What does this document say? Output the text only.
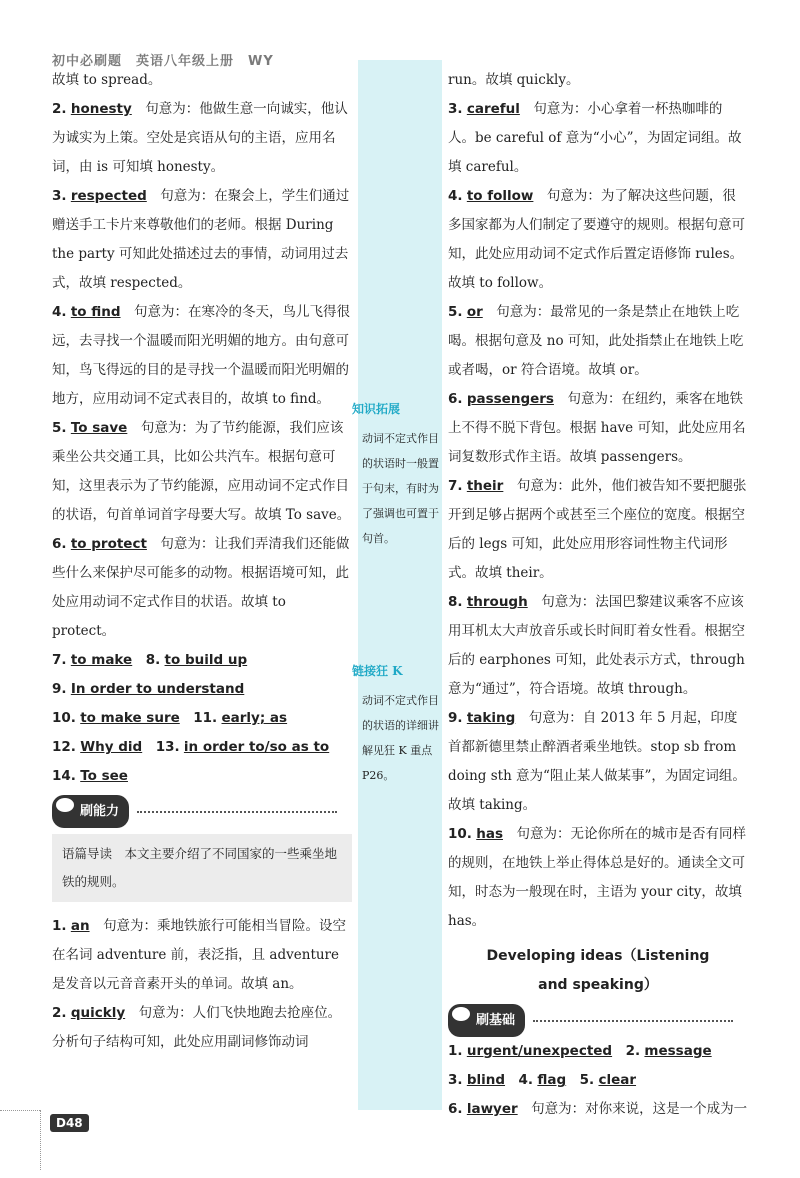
初中必刷题　英语八年级上册　WY

故填 to spread。

2. honesty　 句意为：他做生意一向诚实，他认为诚实为上策。空处是宾语从句的主语，应用名词，由 is 可知填 honesty。

3. respected　 句意为：在聚会上，学生们通过赠送手工卡片来尊敬他们的老师。根据 During the party 可知此处描述过去的事情，动词用过去式，故填 respected。

4. to find　 句意为：在寒冷的冬天，鸟儿飞得很远，去寻找一个温暖而阳光明媚的地方。由句意可知，鸟飞得远的目的是寻找一个温暖而阳光明媚的地方，应用动词不定式表目的，故填 to find。

5. To save　 句意为：为了节约能源，我们应该乘坐公共交通工具，比如公共汽车。根据句意可知，这里表示为了节约能源，应用动词不定式作目的状语，句首单词首字母要大写。故填 To save。

6. to protect　 句意为：让我们弄清我们还能做些什么来保护尽可能多的动物。根据语境可知，此处应用动词不定式作目的状语。故填 to protect。

7. to make　 8. to build up

9. In order to understand

10. to make sure　 11. early; as

12. Why did　 13. in order to/so as to

14. To see

刷能力
语篇导读　本文主要介绍了不同国家的一些乘坐地铁的规则。

1. an　 句意为：乘地铁旅行可能相当冒险。设空在名词 adventure 前，表泛指，且 adventure 是发音以元音音素开头的单词。故填 an。

2. quickly　 句意为：人们飞快地跑去抢座位。分析句子结构可知，此处应用副词修饰动词

知识拓展
动词不定式作目的状语时一般置于句末，有时为了强调也可置于句首。
链接狂 K
动词不定式作目的状语的详细讲解见狂 K 重点 P26。

run。故填 quickly。

3. careful　 句意为：小心拿着一杯热咖啡的人。be careful of 意为“小心”，为固定词组。故填 careful。

4. to follow　 句意为：为了解决这些问题，很多国家都为人们制定了要遵守的规则。根据句意可知，此处应用动词不定式作后置定语修饰 rules。故填 to follow。

5. or　 句意为：最常见的一条是禁止在地铁上吃喝。根据句意及 no 可知，此处指禁止在地铁上吃或者喝，or 符合语境。故填 or。

6. passengers　 句意为：在纽约，乘客在地铁上不得不脱下背包。根据 have 可知，此处应用名词复数形式作主语。故填 passengers。

7. their　 句意为：此外，他们被告知不要把腿张开到足够占据两个或甚至三个座位的宽度。根据空后的 legs 可知，此处应用形容词性物主代词形式。故填 their。

8. through　 句意为：法国巴黎建议乘客不应该用耳机太大声放音乐或长时间盯着女性看。根据空后的 earphones 可知，此处表示方式，through 意为“通过”，符合语境。故填 through。

9. taking　 句意为：自 2013 年 5 月起，印度首都新德里禁止醉酒者乘坐地铁。stop sb from doing sth 意为“阻止某人做某事”，为固定词组。故填 taking。

10. has　 句意为：无论你所在的城市是否有同样的规则，在地铁上举止得体总是好的。通读全文可知，时态为一般现在时，主语为 your city，故填 has。

Developing ideas（Listening
and speaking）
刷基础

1. urgent/unexpected　 2. message

3. blind　 4. flag　 5. clear

6. lawyer　 句意为：对你来说，这是一个成为一

D48
